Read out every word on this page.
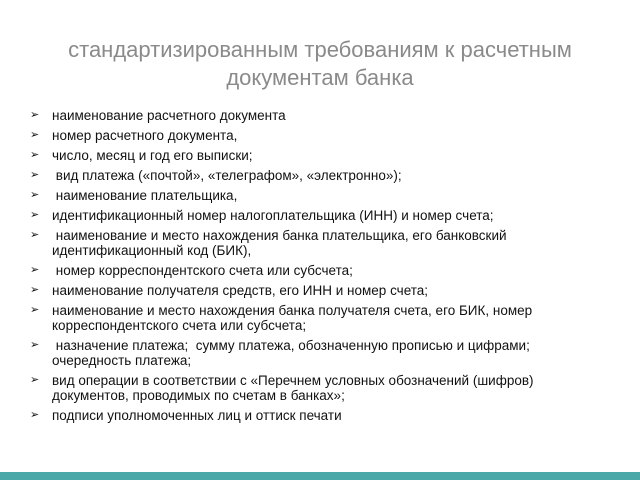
стандартизированным требованиям к расчетным
документам банка
➢ наименование расчетного документа
➢ номер расчетного документа,
➢ число, месяц и год его выписки;
➢ вид платежа («почтой», «телеграфом», «электронно»);
➢ наименование плательщика,
➢ идентификационный номер налогоплательщика (ИНН) и номер счета;
➢ наименование и место нахождения банка плательщика, его банковский идентификационный код (БИК),
➢ номер корреспондентского счета или субсчета;
➢ наименование получателя средств, его ИНН и номер счета;
➢ наименование и место нахождения банка получателя счета, его БИК, номер корреспондентского счета или субсчета;
➢ назначение платежа;  сумму платежа, обозначенную прописью и цифрами; очередность платежа;
➢ вид операции в соответствии с «Перечнем условных обозначений (шифров) документов, проводимых по счетам в банках»;
➢ подписи уполномоченных лиц и оттиск печати
